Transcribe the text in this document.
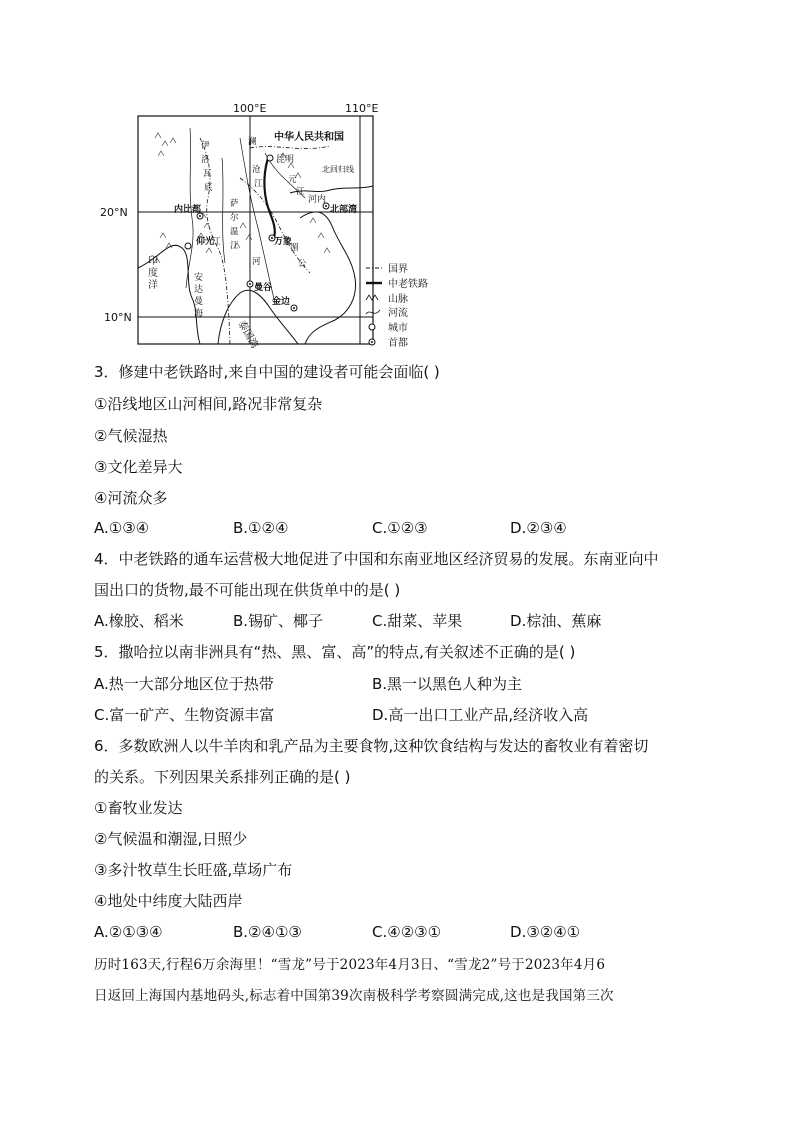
昆明
河内
北部湾
内比都
仰光	万象
曼谷
金边
中华人民共和国
北回归线
印
度
洋
安
达
曼
海
泰国湾
伊
洛
瓦
底
江
萨
尔
温
江	湄
公
河
澜
沧
江	元
江
100°E	110°E
20°N
10°N
国界
中老铁路
山脉
河流
城市
首都
3．修建中老铁路时,来自中国的建设者可能会面临( )
①沿线地区山河相间,路况非常复杂
②气候湿热
③文化差异大
④河流众多
A.①③④	B.①②④	C.①②③	D.②③④
4．中老铁路的通车运营极大地促进了中国和东南亚地区经济贸易的发展。东南亚向中
国出口的货物,最不可能出现在供货单中的是( )
A.橡胶、稻米	B.锡矿、椰子	C.甜菜、苹果	D.棕油、蕉麻
5．撒哈拉以南非洲具有“热、黑、富、高”的特点,有关叙述不正确的是( )
A.热一大部分地区位于热带	B.黑一以黑色人种为主
C.富一矿产、生物资源丰富	D.高一出口工业产品,经济收入高
6．多数欧洲人以牛羊肉和乳产品为主要食物,这种饮食结构与发达的畜牧业有着密切
的关系。下列因果关系排列正确的是( )
①畜牧业发达
②气候温和潮湿,日照少
③多汁牧草生长旺盛,草场广布
④地处中纬度大陆西岸
A.②①③④	B.②④①③	C.④②③①	D.③②④①
历时163天,行程6万余海里！“雪龙”号于2023年4月3日、“雪龙2”号于2023年4月6
日返回上海国内基地码头,标志着中国第39次南极科学考察圆满完成,这也是我国第三次
